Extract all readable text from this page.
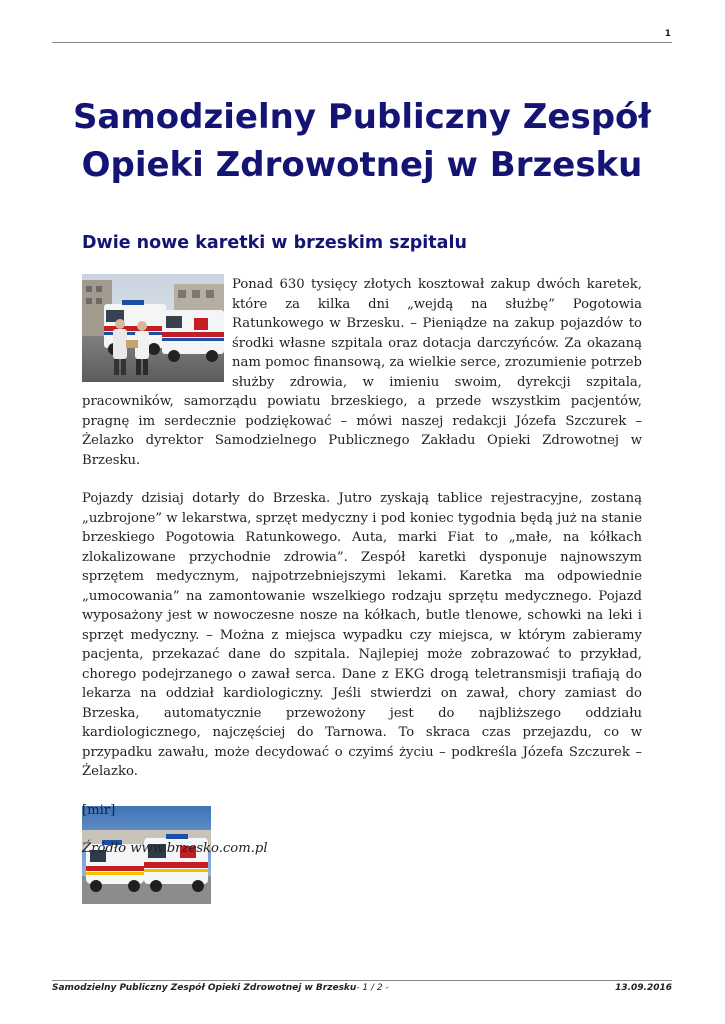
1
Samodzielny Publiczny Zespół Opieki Zdrowotnej w Brzesku
Dwie nowe karetki w brzeskim szpitalu

Ponad 630 tysięcy złotych kosztował zakup dwóch karetek, które za kilka dni „wejdą na służbę” Pogotowia Ratunkowego w Brzesku. – Pieniądze na zakup pojazdów to środki własne szpitala oraz dotacja darczyńców. Za okazaną nam pomoc finansową, za wielkie serce, zrozumienie potrzeb służby zdrowia, w imieniu swoim, dyrekcji szpitala, pracowników, samorządu powiatu brzeskiego, a przede wszystkim pacjentów, pragnę im serdecznie podziękować – mówi naszej redakcji Józefa Szczurek – Żelazko dyrektor Samodzielnego Publicznego Zakładu Opieki Zdrowotnej w Brzesku.

Pojazdy dzisiaj dotarły do Brzeska. Jutro zyskają tablice rejestracyjne, zostaną „uzbrojone” w lekarstwa, sprzęt medyczny i pod koniec tygodnia będą już na stanie brzeskiego Pogotowia Ratunkowego. Auta, marki Fiat to „małe, na kółkach zlokalizowane przychodnie zdrowia”. Zespół karetki dysponuje najnowszym sprzętem medycznym, najpotrzebniejszymi lekami. Karetka ma odpowiednie „umocowania” na zamontowanie wszelkiego rodzaju sprzętu medycznego. Pojazd wyposażony jest w nowoczesne nosze na kółkach, butle tlenowe, schowki na leki i sprzęt medyczny. – Można z miejsca wypadku czy miejsca, w którym zabieramy pacjenta, przekazać dane do szpitala. Najlepiej może zobrazować to przykład, chorego podejrzanego o zawał serca. Dane z EKG drogą teletransmisji trafiają do lekarza na oddział kardiologiczny. Jeśli stwierdzi on zawał, chory zamiast do Brzeska, automatycznie przewożony jest do najbliższego oddziału kardiologicznego, najczęściej do Tarnowa. To skraca czas przejazdu, co w przypadku zawału, może decydować o czyimś życiu – podkreśla Józefa Szczurek – Żelazko.

[mir]

Źródło www.brzesko.com.pl

Samodzielny Publiczny Zespół Opieki Zdrowotnej w Brzesku- 1 / 2 -	13.09.2016
